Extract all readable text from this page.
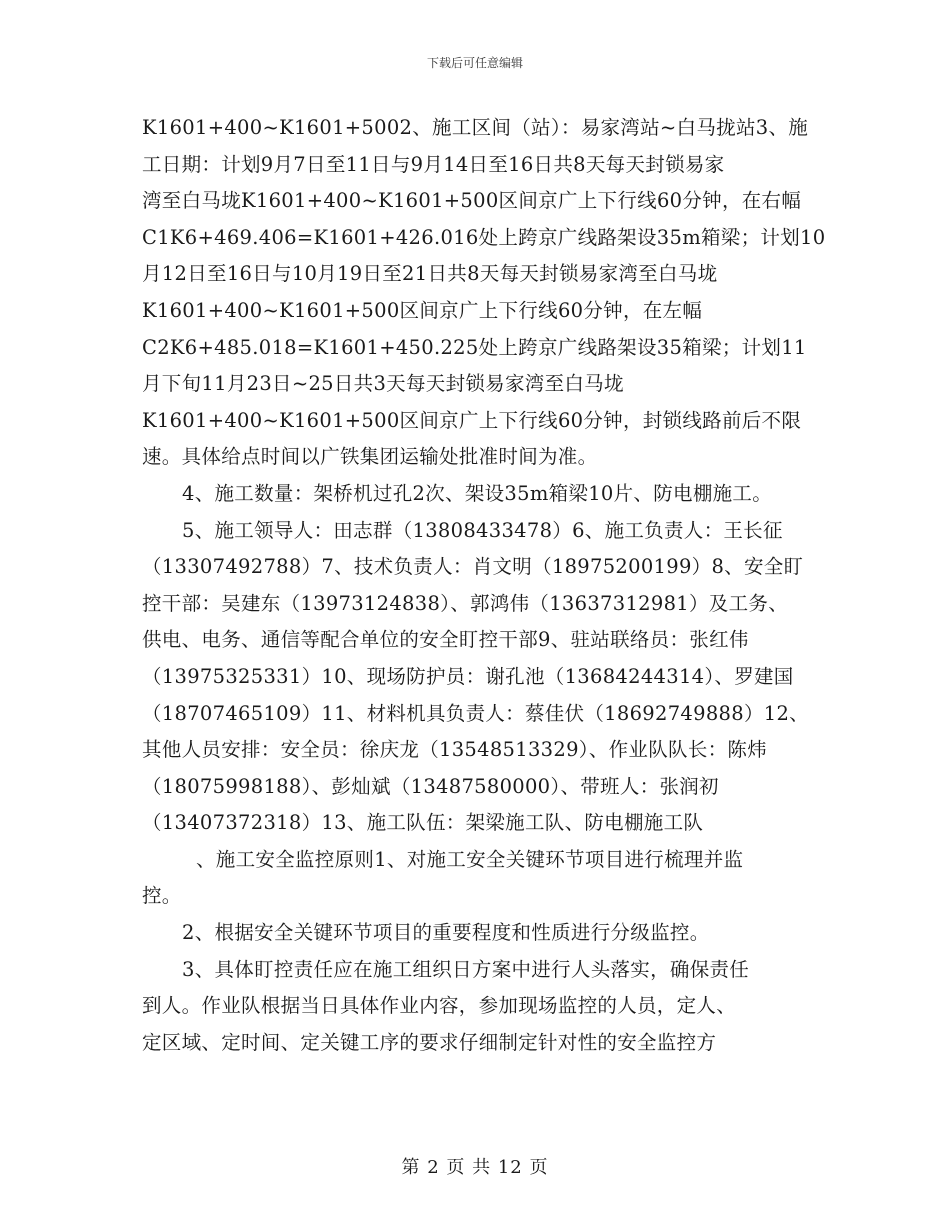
下载后可任意编辑
K1601+400~K1601+5002、施工区间（站）：易家湾站~白马拢站3、施
工日期：计划9月7日至11日与9月14日至16日共8天每天封锁易家
湾至白马垅K1601+400~K1601+500区间京广上下行线60分钟，在右幅
C1K6+469.406=K1601+426.016处上跨京广线路架设35m箱梁；计划10
月12日至16日与10月19日至21日共8天每天封锁易家湾至白马垅
K1601+400~K1601+500区间京广上下行线60分钟，在左幅
C2K6+485.018=K1601+450.225处上跨京广线路架设35箱梁；计划11
月下旬11月23日~25日共3天每天封锁易家湾至白马垅
K1601+400~K1601+500区间京广上下行线60分钟，封锁线路前后不限
速。具体给点时间以广铁集团运输处批准时间为准。
4、施工数量：架桥机过孔2次、架设35m箱梁10片、防电棚施工。
5、施工领导人：田志群（13808433478）6、施工负责人：王长征
（13307492788）7、技术负责人：肖文明（18975200199）8、安全盯
控干部：吴建东（13973124838）、郭鸿伟（13637312981）及工务、
供电、电务、通信等配合单位的安全盯控干部9、驻站联络员：张红伟
（13975325331）10、现场防护员：谢孔池（13684244314）、罗建国
（18707465109）11、材料机具负责人：蔡佳伏（18692749888）12、
其他人员安排：安全员：徐庆龙（13548513329）、作业队队长：陈炜
（18075998188）、彭灿斌（13487580000）、带班人：张润初
（13407372318）13、施工队伍：架梁施工队、防电棚施工队
、施工安全监控原则1、对施工安全关键环节项目进行梳理并监
控。
2、根据安全关键环节项目的重要程度和性质进行分级监控。
3、具体盯控责任应在施工组织日方案中进行人头落实，确保责任
到人。作业队根据当日具体作业内容，参加现场监控的人员，定人、
定区域、定时间、定关键工序的要求仔细制定针对性的安全监控方
第 2 页 共 12 页
